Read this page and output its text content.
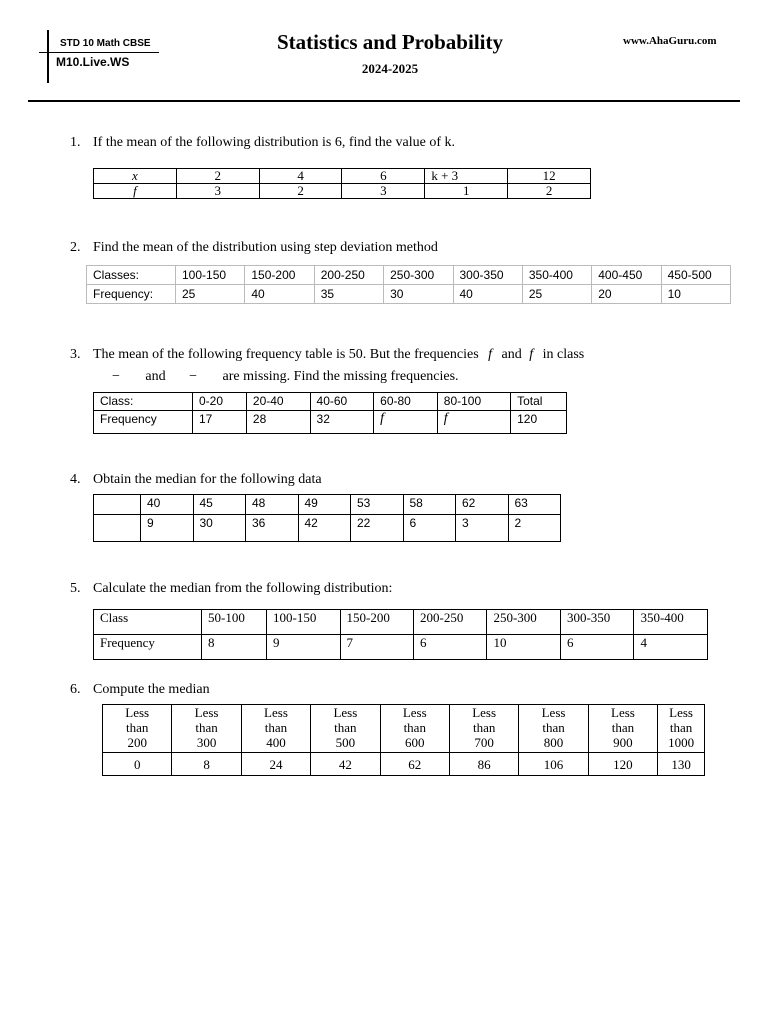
STD 10 Math CBSE
M10.Live.WS
Statistics and Probability
2024-2025
www.AhaGuru.com
1. If the mean of the following distribution is 6, find the value of k.
x	2	4	6	k + 3	12
f	3	2	3	1	2
2. Find the mean of the distribution using step deviation method
Classes:	100-150	150-200	200-250	250-300	300-350	350-400	400-450	450-500
Frequency:	25	40	35	30	40	25	20	10
3. The mean of the following frequency table is 50. But the frequencies f and f in class
− and − are missing. Find the missing frequencies.
Class:	0-20	20-40	40-60	60-80	80-100	Total
Frequency	17	28	32	f	f	120
4. Obtain the median for the following data
	40	45	48	49	53	58	62	63
	9	30	36	42	22	6	3	2
5. Calculate the median from the following distribution:
Class	50-100	100-150	150-200	200-250	250-300	300-350	350-400
Frequency	8	9	7	6	10	6	4
6. Compute the median
Less
than
200	Less
than
300	Less
than
400	Less
than
500	Less
than
600	Less
than
700	Less
than
800	Less
than
900	Less
than
1000
0	8	24	42	62	86	106	120	130
